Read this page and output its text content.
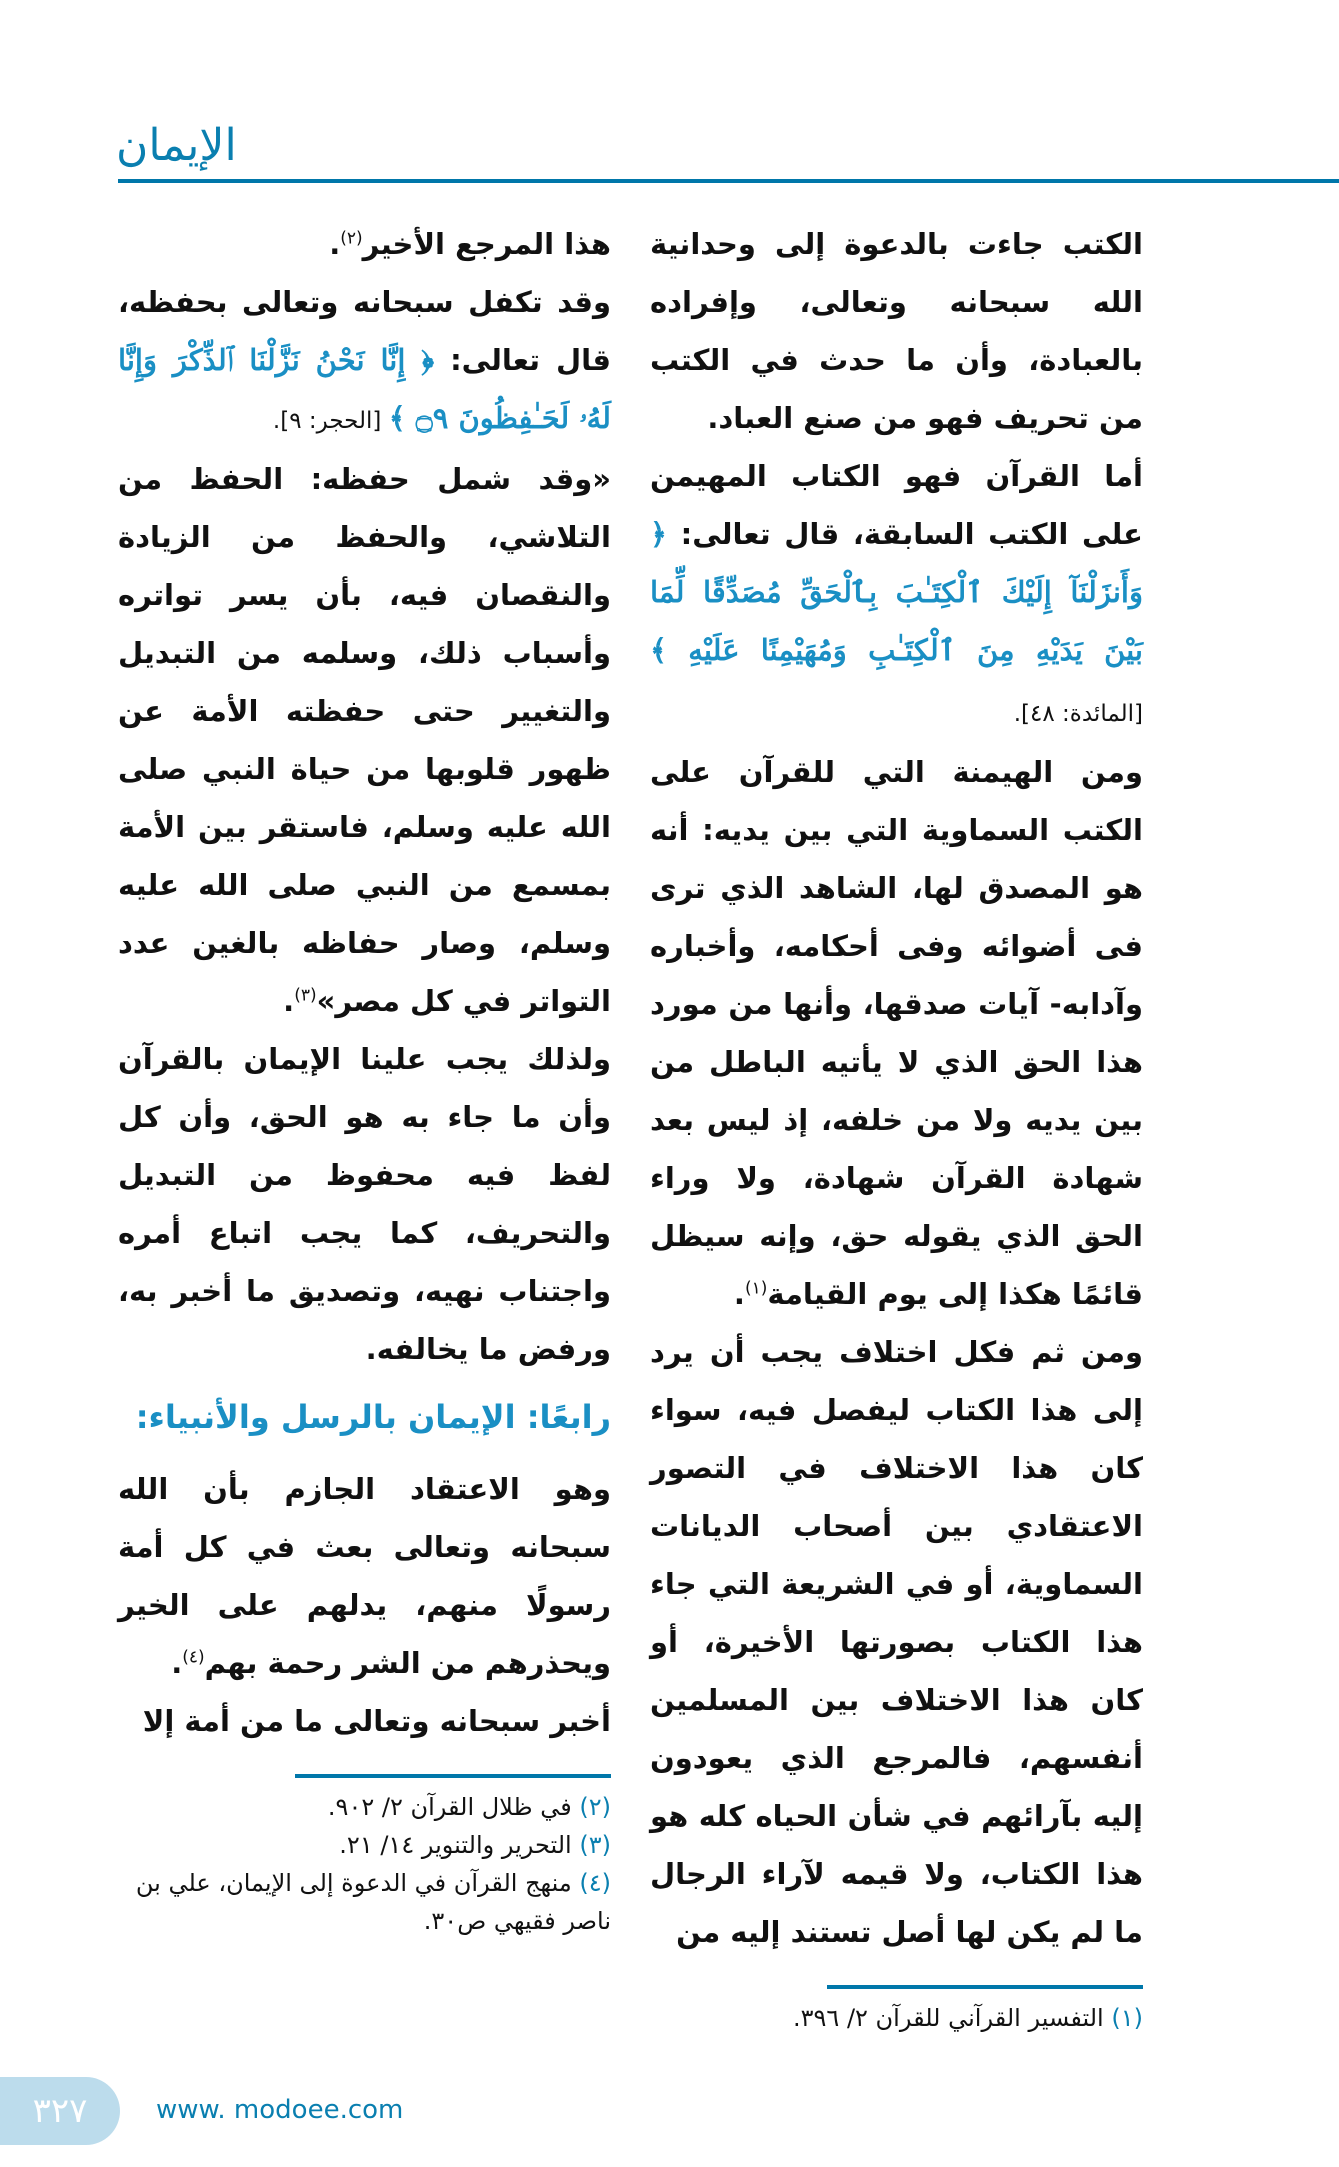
الإيمان

الكتب جاءت بالدعوة إلى وحدانية الله سبحانه وتعالى، وإفراده بالعبادة، وأن ما حدث في الكتب من تحريف فهو من صنع العباد.

أما القرآن فهو الكتاب المهيمن على الكتب السابقة، قال تعالى: ﴿ وَأَنزَلْنَآ إِلَيْكَ ٱلْكِتَـٰبَ بِٱلْحَقِّ مُصَدِّقًا لِّمَا بَيْنَ يَدَيْهِ مِنَ ٱلْكِتَـٰبِ وَمُهَيْمِنًا عَلَيْهِ ﴾ [المائدة: ٤٨].

ومن الهيمنة التي للقرآن على الكتب السماوية التي بين يديه: أنه هو المصدق لها، الشاهد الذي ترى فى أضوائه وفى أحكامه، وأخباره وآدابه- آيات صدقها، وأنها من مورد هذا الحق الذي لا يأتيه الباطل من بين يديه ولا من خلفه، إذ ليس بعد شهادة القرآن شهادة، ولا وراء الحق الذي يقوله حق، وإنه سيظل قائمًا هكذا إلى يوم القيامة$^{(١)}$.

ومن ثم فكل اختلاف يجب أن يرد إلى هذا الكتاب ليفصل فيه، سواء كان هذا الاختلاف في التصور الاعتقادي بين أصحاب الديانات السماوية، أو في الشريعة التي جاء هذا الكتاب بصورتها الأخيرة، أو كان هذا الاختلاف بين المسلمين أنفسهم، فالمرجع الذي يعودون إليه بآرائهم في شأن الحياه كله هو هذا الكتاب، ولا قيمه لآراء الرجال ما لم يكن لها أصل تستند إليه من

(١) التفسير القرآني للقرآن ٢/ ٣٩٦.

هذا المرجع الأخير$^{(٢)}$.

وقد تكفل سبحانه وتعالى بحفظه، قال تعالى: ﴿ إِنَّا نَحْنُ نَزَّلْنَا ٱلذِّكْرَ وَإِنَّا لَهُۥ لَحَـٰفِظُونَ ۝٩ ﴾ [الحجر: ٩].

«وقد شمل حفظه: الحفظ من التلاشي، والحفظ من الزيادة والنقصان فيه، بأن يسر تواتره وأسباب ذلك، وسلمه من التبديل والتغيير حتى حفظته الأمة عن ظهور قلوبها من حياة النبي صلى الله عليه وسلم، فاستقر بين الأمة بمسمع من النبي صلى الله عليه وسلم، وصار حفاظه بالغين عدد التواتر في كل مصر»$^{(٣)}$.

ولذلك يجب علينا الإيمان بالقرآن وأن ما جاء به هو الحق، وأن كل لفظ فيه محفوظ من التبديل والتحريف، كما يجب اتباع أمره واجتناب نهيه، وتصديق ما أخبر به، ورفض ما يخالفه.

رابعًا: الإيمان بالرسل والأنبياء:

وهو الاعتقاد الجازم بأن الله سبحانه وتعالى بعث في كل أمة رسولًا منهم، يدلهم على الخير ويحذرهم من الشر رحمة بهم$^{(٤)}$.

أخبر سبحانه وتعالى ما من أمة إلا

(٢) في ظلال القرآن ٢/ ٩٠٢.
(٣) التحرير والتنوير ١٤/ ٢١.
(٤) منهج القرآن في الدعوة إلى الإيمان، علي بن ناصر فقيهي ص٣٠.
٣٢٧	www. modoee.com
